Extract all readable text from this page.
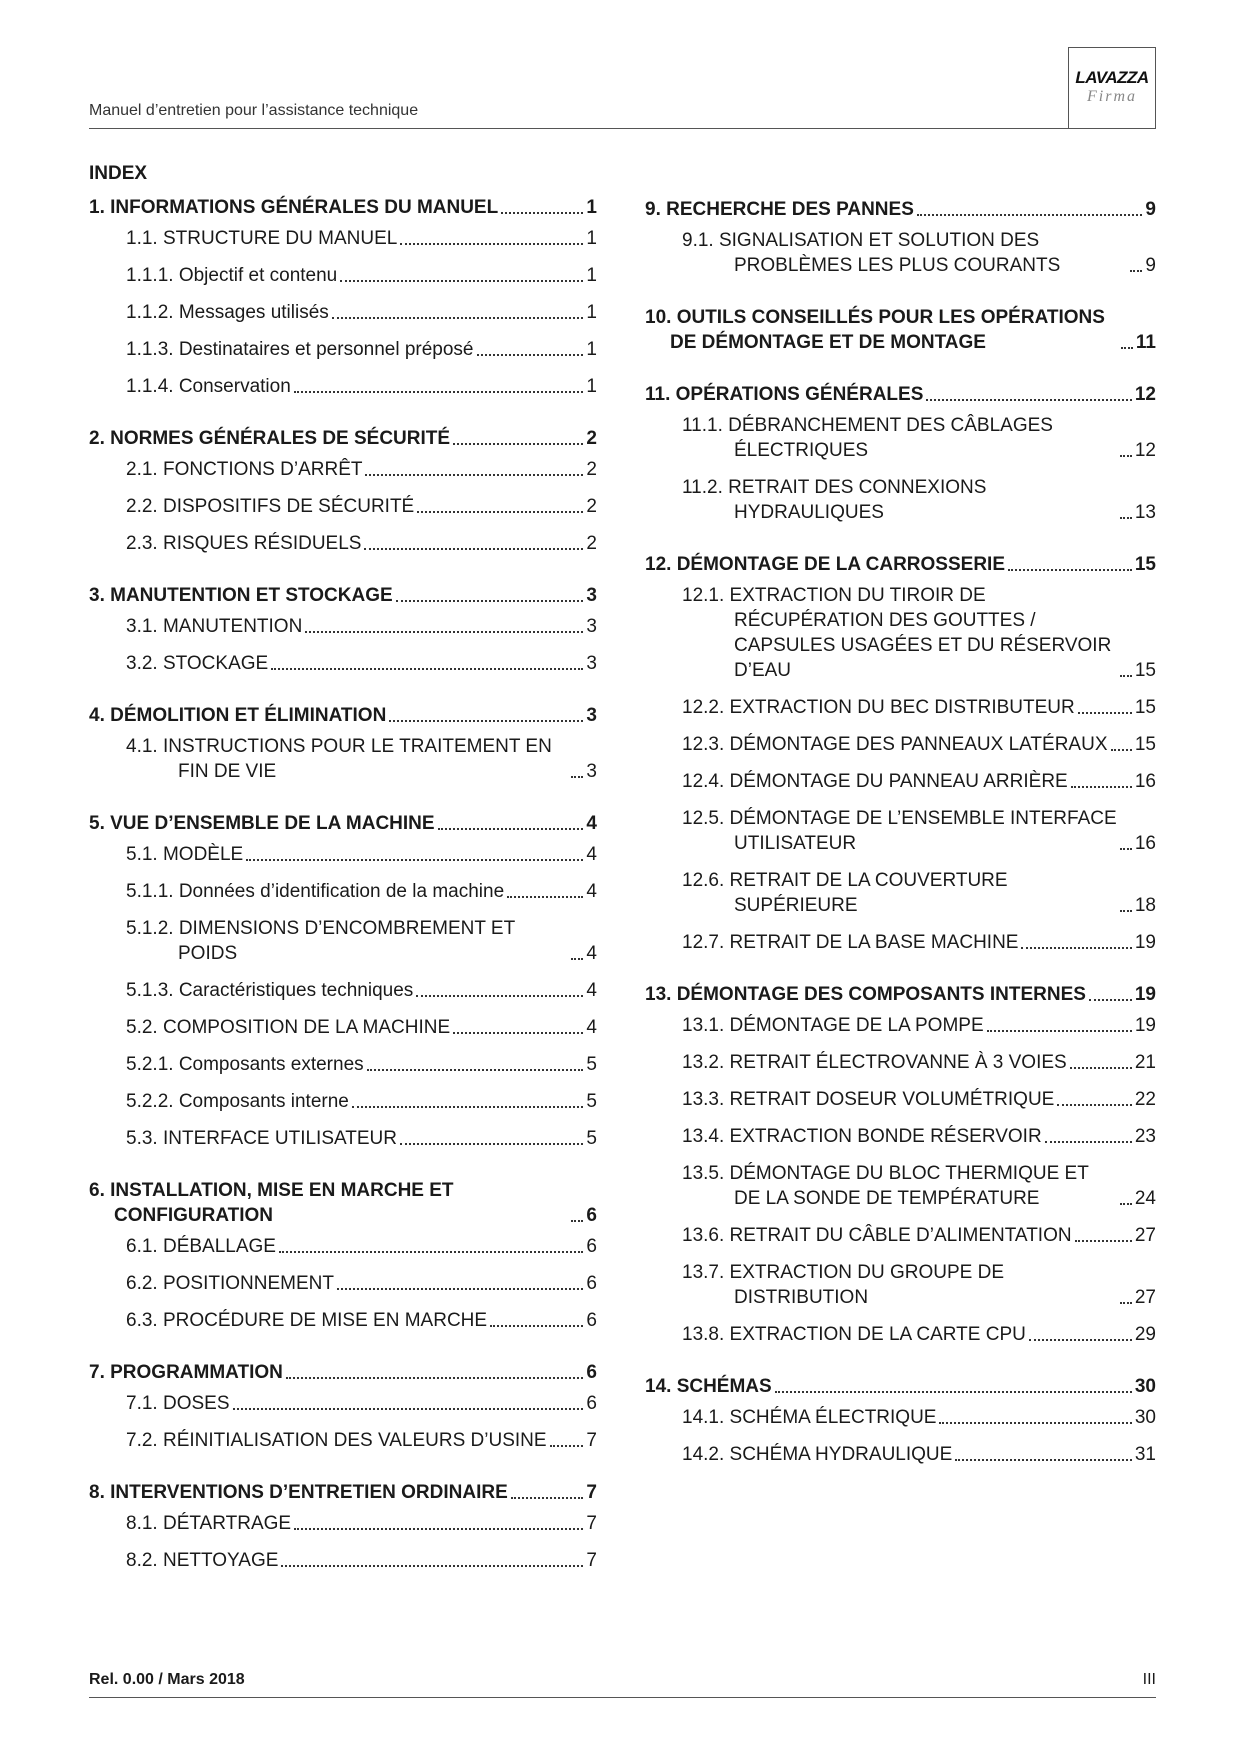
Manuel d’entretien pour l’assistance technique
LAVAZZA
Firma
INDEX
1. INFORMATIONS GÉNÉRALES DU MANUEL	1
1.1. STRUCTURE DU MANUEL	1
1.1.1. Objectif et contenu	1
1.1.2. Messages utilisés	1
1.1.3. Destinataires et personnel préposé	1
1.1.4. Conservation	1
2. NORMES GÉNÉRALES DE SÉCURITÉ	2
2.1. FONCTIONS D’ARRÊT	2
2.2. DISPOSITIFS DE SÉCURITÉ	2
2.3. RISQUES RÉSIDUELS	2
3. MANUTENTION ET STOCKAGE	3
3.1. MANUTENTION	3
3.2. STOCKAGE	3
4. DÉMOLITION ET ÉLIMINATION	3
4.1. INSTRUCTIONS POUR LE TRAITEMENT EN FIN DE VIE	3
5. VUE D’ENSEMBLE DE LA MACHINE	4
5.1. MODÈLE	4
5.1.1. Données d’identification de la machine	4
5.1.2. DIMENSIONS D’ENCOMBREMENT ET POIDS	4
5.1.3. Caractéristiques techniques	4
5.2. COMPOSITION DE LA MACHINE	4
5.2.1. Composants externes	5
5.2.2. Composants interne	5
5.3. INTERFACE UTILISATEUR	5
6. INSTALLATION, MISE EN MARCHE ET CONFIGURATION	6
6.1. DÉBALLAGE	6
6.2. POSITIONNEMENT	6
6.3. PROCÉDURE DE MISE EN MARCHE	6
7. PROGRAMMATION	6
7.1. DOSES	6
7.2. RÉINITIALISATION DES VALEURS D’USINE 7
8. INTERVENTIONS D’ENTRETIEN ORDINAIRE	7
8.1. DÉTARTRAGE	7
8.2. NETTOYAGE	7
9. RECHERCHE DES PANNES	9
9.1. SIGNALISATION ET SOLUTION DES PROBLÈMES LES PLUS COURANTS	9
10. OUTILS CONSEILLÉS POUR LES OPÉRATIONS DE DÉMONTAGE ET DE MONTAGE	11
11. OPÉRATIONS GÉNÉRALES	12
11.1. DÉBRANCHEMENT DES CÂBLAGES ÉLECTRIQUES	12
11.2. RETRAIT DES CONNEXIONS HYDRAULIQUES	13
12. DÉMONTAGE DE LA CARROSSERIE	15
12.1. EXTRACTION DU TIROIR DE RÉCUPÉRATION DES GOUTTES / CAPSULES USAGÉES ET DU RÉSERVOIR D’EAU	15
12.2. EXTRACTION DU BEC DISTRIBUTEUR	15
12.3. DÉMONTAGE DES PANNEAUX LATÉRAUX 15
12.4. DÉMONTAGE DU PANNEAU ARRIÈRE	16
12.5. DÉMONTAGE DE L’ENSEMBLE INTERFACE UTILISATEUR	16
12.6. RETRAIT DE LA COUVERTURE SUPÉRIEURE	18
12.7. RETRAIT DE LA BASE MACHINE	19
13. DÉMONTAGE DES COMPOSANTS INTERNES	19
13.1. DÉMONTAGE DE LA POMPE	19
13.2. RETRAIT ÉLECTROVANNE À 3 VOIES	21
13.3. RETRAIT DOSEUR VOLUMÉTRIQUE	22
13.4. EXTRACTION BONDE RÉSERVOIR	23
13.5. DÉMONTAGE DU BLOC THERMIQUE ET DE LA SONDE DE TEMPÉRATURE	24
13.6. RETRAIT DU CÂBLE D’ALIMENTATION	27
13.7. EXTRACTION DU GROUPE DE DISTRIBUTION	27
13.8. EXTRACTION DE LA CARTE CPU	29
14. SCHÉMAS	30
14.1. SCHÉMA ÉLECTRIQUE	30
14.2. SCHÉMA HYDRAULIQUE	31
Rel. 0.00 / Mars 2018	III
